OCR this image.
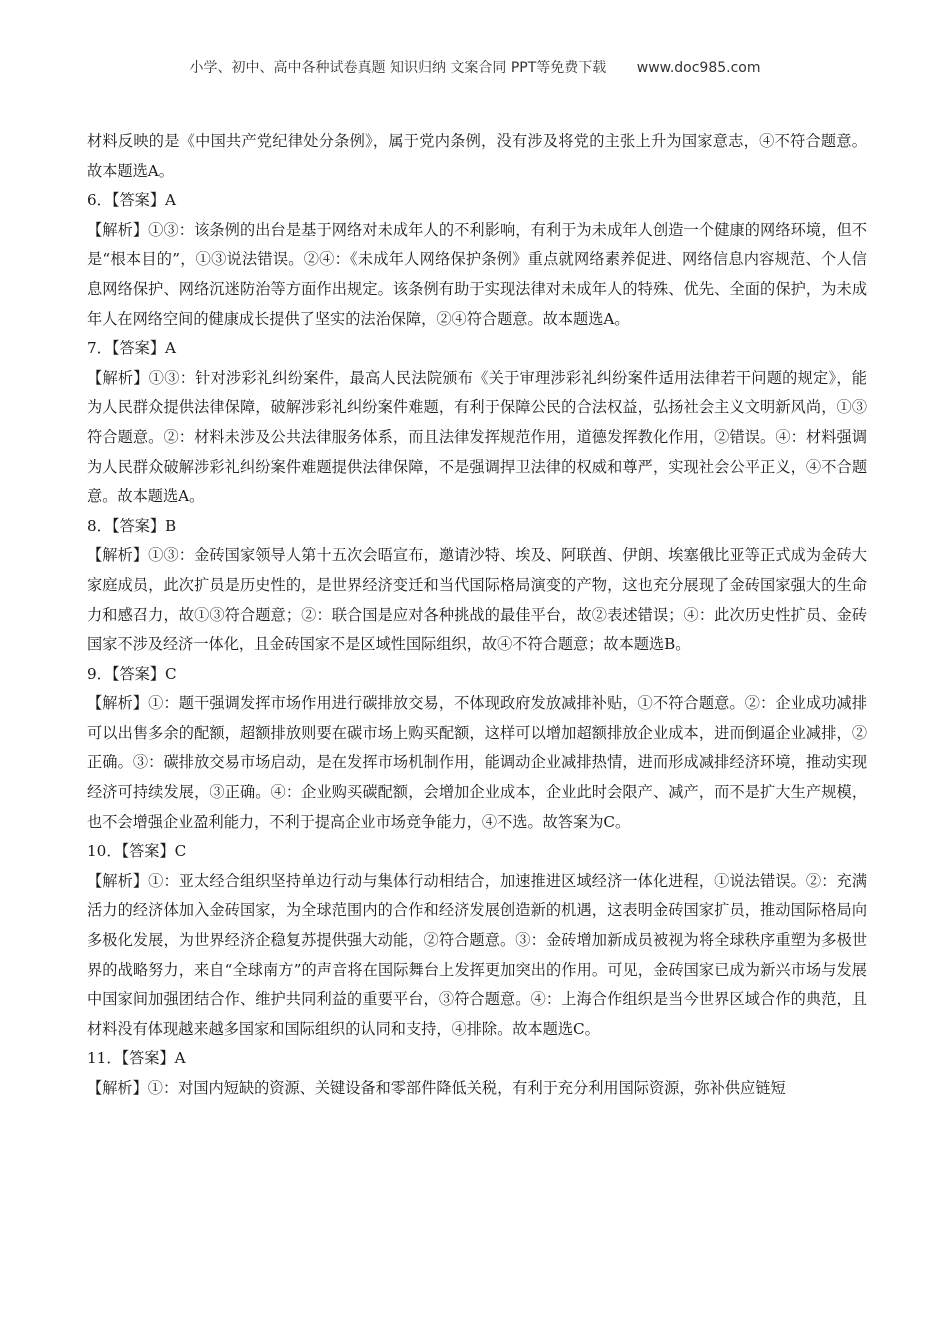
小学、初中、高中各种试卷真题 知识归纳 文案合同 PPT等免费下载 www.doc985.com

材料反映的是《中国共产党纪律处分条例》，属于党内条例，没有涉及将党的主张上升为国家意志，④不符合题意。故本题选A。

6．【答案】A

【解析】①③：该条例的出台是基于网络对未成年人的不利影响，有利于为未成年人创造一个健康的网络环境，但不是“根本目的”，①③说法错误。②④：《未成年人网络保护条例》重点就网络素养促进、网络信息内容规范、个人信息网络保护、网络沉迷防治等方面作出规定。该条例有助于实现法律对未成年人的特殊、优先、全面的保护，为未成年人在网络空间的健康成长提供了坚实的法治保障，②④符合题意。故本题选A。

7．【答案】A

【解析】①③：针对涉彩礼纠纷案件，最高人民法院颁布《关于审理涉彩礼纠纷案件适用法律若干问题的规定》，能为人民群众提供法律保障，破解涉彩礼纠纷案件难题，有利于保障公民的合法权益，弘扬社会主义文明新风尚，①③符合题意。②：材料未涉及公共法律服务体系，而且法律发挥规范作用，道德发挥教化作用，②错误。④：材料强调为人民群众破解涉彩礼纠纷案件难题提供法律保障，不是强调捍卫法律的权威和尊严，实现社会公平正义，④不合题意。故本题选A。

8．【答案】B

【解析】①③：金砖国家领导人第十五次会晤宣布，邀请沙特、埃及、阿联酋、伊朗、埃塞俄比亚等正式成为金砖大家庭成员，此次扩员是历史性的，是世界经济变迁和当代国际格局演变的产物，这也充分展现了金砖国家强大的生命力和感召力，故①③符合题意；②：联合国是应对各种挑战的最佳平台，故②表述错误；④：此次历史性扩员、金砖国家不涉及经济一体化，且金砖国家不是区域性国际组织，故④不符合题意；故本题选B。

9．【答案】C

【解析】①：题干强调发挥市场作用进行碳排放交易，不体现政府发放减排补贴，①不符合题意。②：企业成功减排可以出售多余的配额，超额排放则要在碳市场上购买配额，这样可以增加超额排放企业成本，进而倒逼企业减排，②正确。③：碳排放交易市场启动，是在发挥市场机制作用，能调动企业减排热情，进而形成减排经济环境，推动实现经济可持续发展，③正确。④：企业购买碳配额，会增加企业成本，企业此时会限产、减产，而不是扩大生产规模，也不会增强企业盈利能力，不利于提高企业市场竞争能力，④不选。故答案为C。

10．【答案】C

【解析】①：亚太经合组织坚持单边行动与集体行动相结合，加速推进区域经济一体化进程，①说法错误。②：充满活力的经济体加入金砖国家，为全球范围内的合作和经济发展创造新的机遇，这表明金砖国家扩员，推动国际格局向多极化发展，为世界经济企稳复苏提供强大动能，②符合题意。③：金砖增加新成员被视为将全球秩序重塑为多极世界的战略努力，来自“全球南方”的声音将在国际舞台上发挥更加突出的作用。可见，金砖国家已成为新兴市场与发展中国家间加强团结合作、维护共同利益的重要平台，③符合题意。④：上海合作组织是当今世界区域合作的典范，且材料没有体现越来越多国家和国际组织的认同和支持，④排除。故本题选C。

11．【答案】A

【解析】①：对国内短缺的资源、关键设备和零部件降低关税，有利于充分利用国际资源，弥补供应链短
